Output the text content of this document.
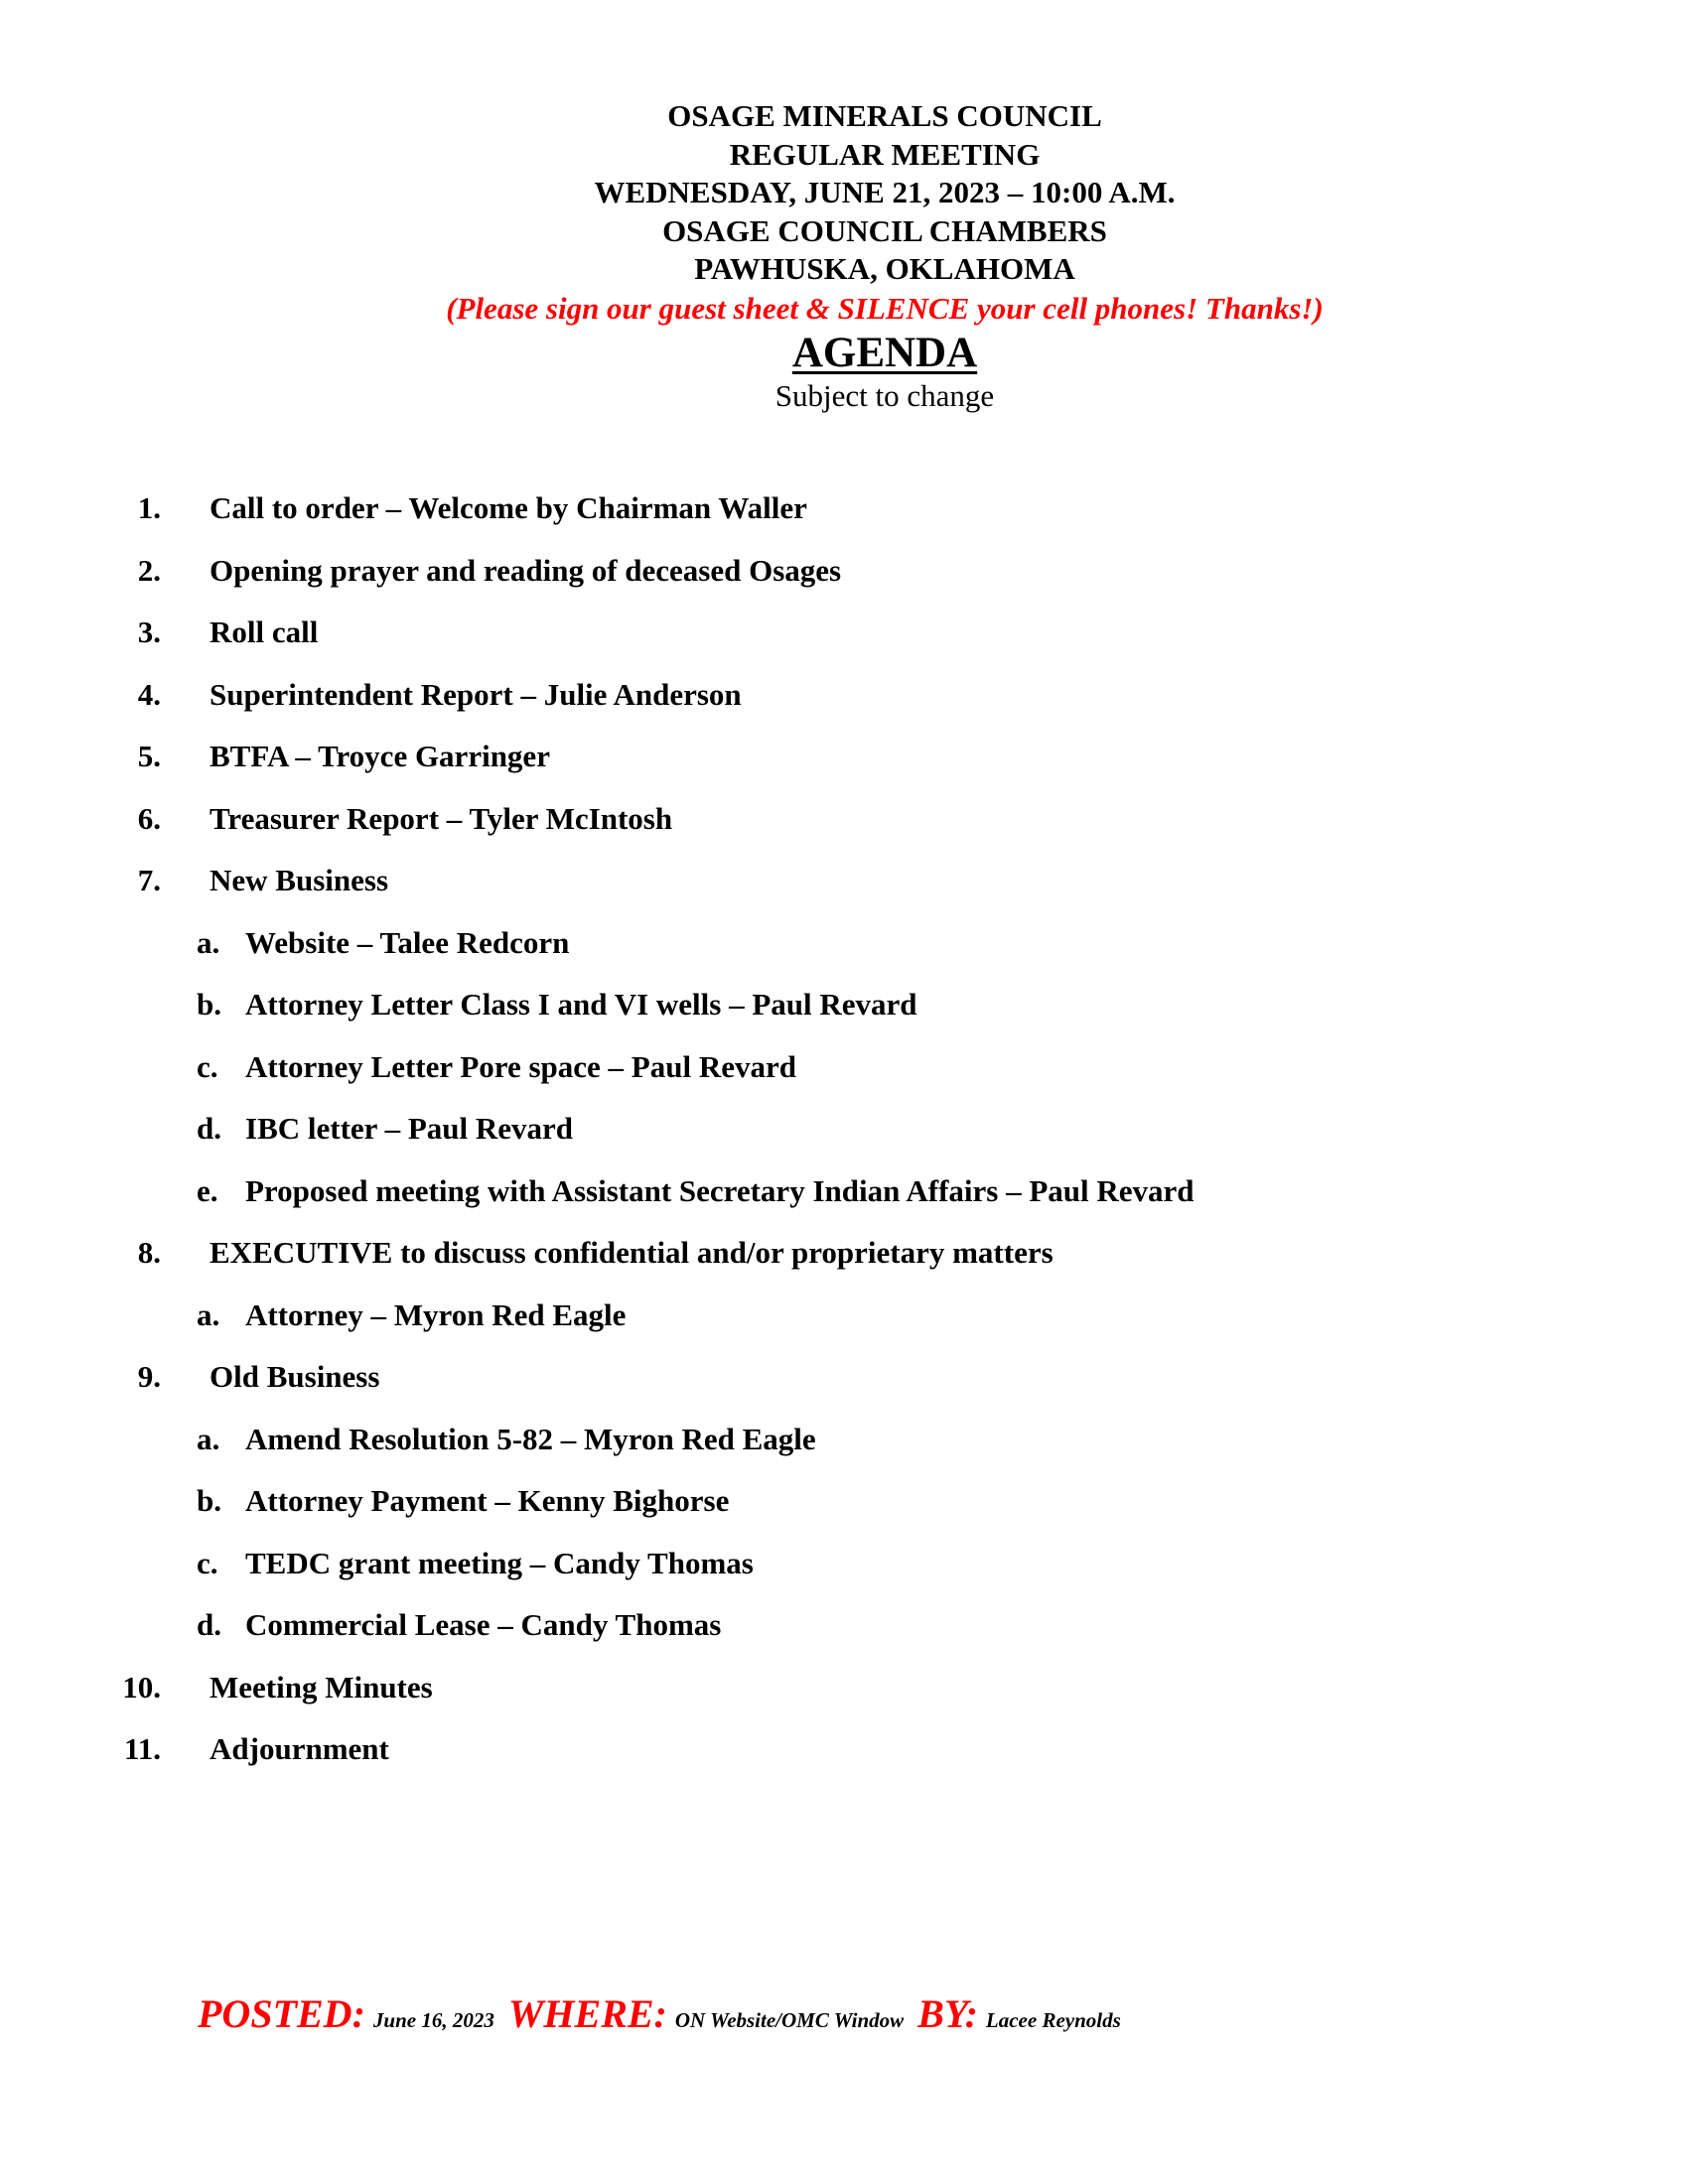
OSAGE MINERALS COUNCIL
REGULAR MEETING
WEDNESDAY, JUNE 21, 2023 – 10:00 A.M.
OSAGE COUNCIL CHAMBERS
PAWHUSKA, OKLAHOMA
(Please sign our guest sheet & SILENCE your cell phones! Thanks!)
AGENDA
Subject to change
1. Call to order – Welcome by Chairman Waller
2. Opening prayer and reading of deceased Osages
3. Roll call
4. Superintendent Report – Julie Anderson
5. BTFA – Troyce Garringer
6. Treasurer Report – Tyler McIntosh
7. New Business
a. Website – Talee Redcorn
b. Attorney Letter Class I and VI wells – Paul Revard
c. Attorney Letter Pore space – Paul Revard
d. IBC letter – Paul Revard
e. Proposed meeting with Assistant Secretary Indian Affairs – Paul Revard
8. EXECUTIVE to discuss confidential and/or proprietary matters
a. Attorney – Myron Red Eagle
9. Old Business
a. Amend Resolution 5-82 – Myron Red Eagle
b. Attorney Payment – Kenny Bighorse
c. TEDC grant meeting – Candy Thomas
d. Commercial Lease – Candy Thomas
10. Meeting Minutes
11. Adjournment
POSTED: June 16, 2023 WHERE: ON Website/OMC Window BY: Lacee Reynolds
